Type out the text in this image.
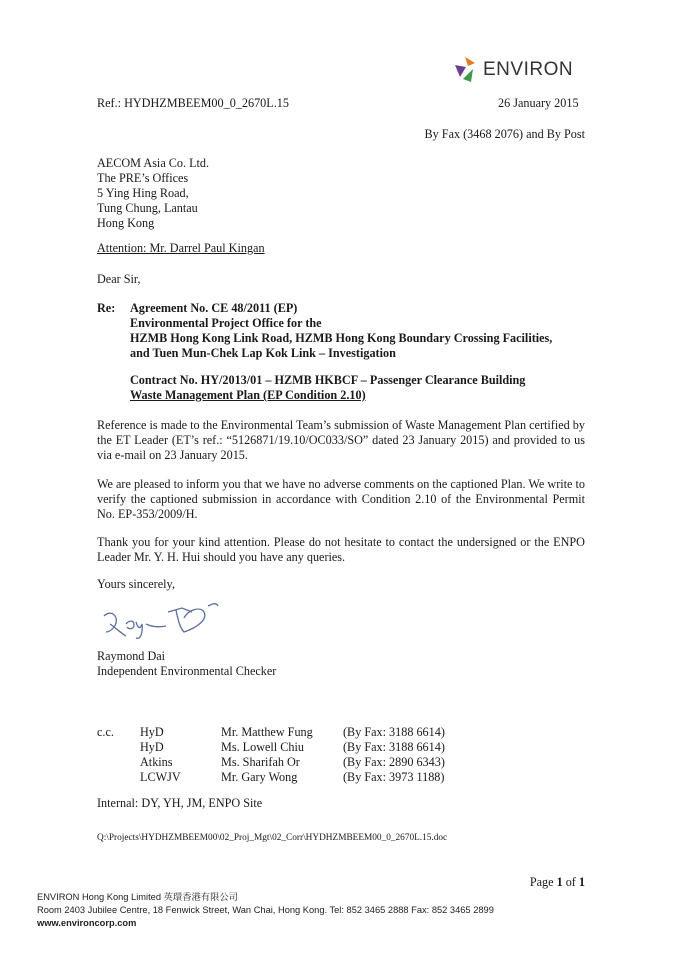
ENVIRON
Ref.: HYDHZMBEEM00_0_2670L.15	26 January 2015
By Fax (3468 2076) and By Post
AECOM Asia Co. Ltd.
The PRE’s Offices
5 Ying Hing Road,
Tung Chung, Lantau
Hong Kong
Attention: Mr. Darrel Paul Kingan
Dear Sir,
Re: Agreement No. CE 48/2011 (EP)
Environmental Project Office for the
HZMB Hong Kong Link Road, HZMB Hong Kong Boundary Crossing Facilities,
and Tuen Mun-Chek Lap Kok Link – Investigation
Contract No. HY/2013/01 – HZMB HKBCF – Passenger Clearance Building
Waste Management Plan (EP Condition 2.10)
Reference is made to the Environmental Team’s submission of Waste Management Plan certified by the ET Leader (ET’s ref.: “5126871/19.10/OC033/SO” dated 23 January 2015) and provided to us via e-mail on 23 January 2015.
We are pleased to inform you that we have no adverse comments on the captioned Plan. We write to verify the captioned submission in accordance with Condition 2.10 of the Environmental Permit No. EP-353/2009/H.
Thank you for your kind attention. Please do not hesitate to contact the undersigned or the ENPO Leader Mr. Y. H. Hui should you have any queries.
Yours sincerely,
Raymond Dai
Independent Environmental Checker
c.c. HyD	Mr. Matthew Fung (By Fax: 3188 6614)
HyD	Ms. Lowell Chiu	(By Fax: 3188 6614)
Atkins	Ms. Sharifah Or	(By Fax: 2890 6343)
LCWJV	Mr. Gary Wong	(By Fax: 3973 1188)
Internal: DY, YH, JM, ENPO Site
Q:\Projects\HYDHZMBEEM00\02_Proj_Mgt\02_Corr\HYDHZMBEEM00_0_2670L.15.doc
Page 1 of 1
ENVIRON Hong Kong Limited 英環香港有限公司
Room 2403 Jubilee Centre, 18 Fenwick Street, Wan Chai, Hong Kong. Tel: 852 3465 2888 Fax: 852 3465 2899
www.environcorp.com
